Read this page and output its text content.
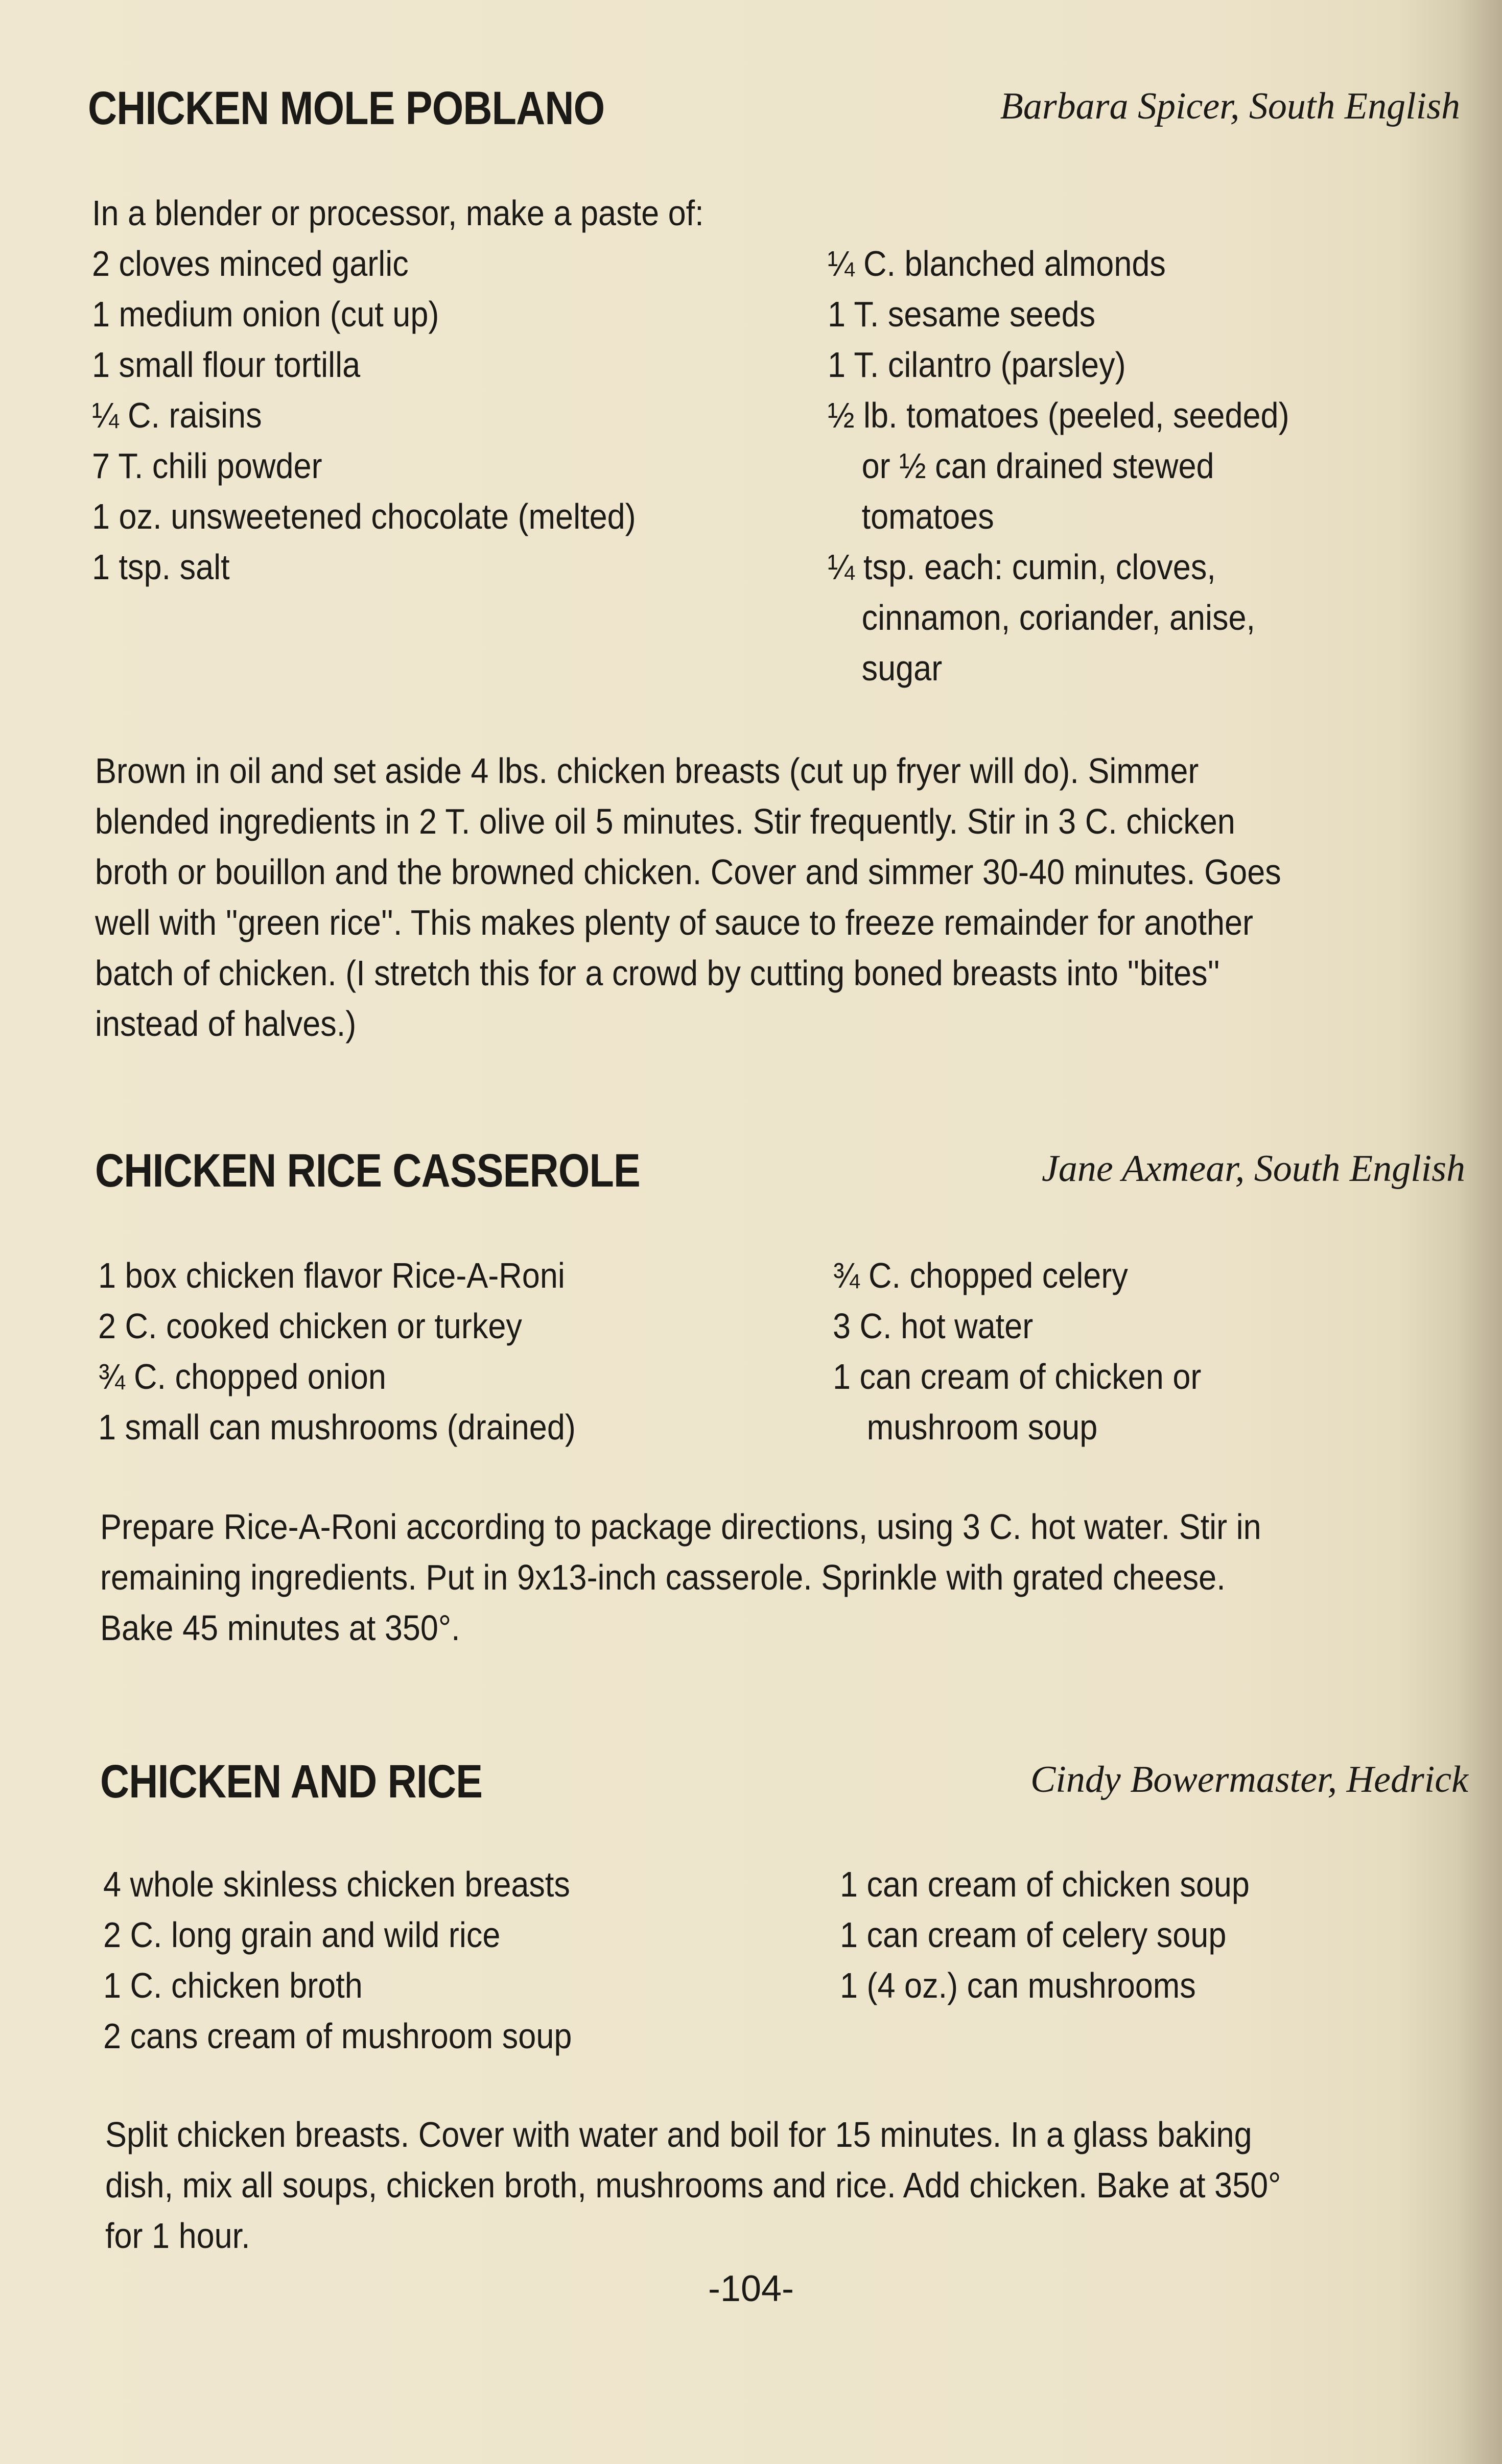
CHICKEN MOLE POBLANO	Barbara Spicer, South English
In a blender or processor, make a paste of:
2 cloves minced garlic
1 medium onion (cut up)
1 small flour tortilla
¼ C. raisins
7 T. chili powder
1 oz. unsweetened chocolate (melted)
1 tsp. salt
¼ C. blanched almonds
1 T. sesame seeds
1 T. cilantro (parsley)
½ lb. tomatoes (peeled, seeded)
or ½ can drained stewed
tomatoes
¼ tsp. each: cumin, cloves,
cinnamon, coriander, anise,
sugar
Brown in oil and set aside 4 lbs. chicken breasts (cut up fryer will do). Simmer
blended ingredients in 2 T. olive oil 5 minutes. Stir frequently. Stir in 3 C. chicken
broth or bouillon and the browned chicken. Cover and simmer 30-40 minutes. Goes
well with ''green rice''. This makes plenty of sauce to freeze remainder for another
batch of chicken. (I stretch this for a crowd by cutting boned breasts into ''bites''
instead of halves.)
CHICKEN RICE CASSEROLE	Jane Axmear, South English
1 box chicken flavor Rice-A-Roni
2 C. cooked chicken or turkey
¾ C. chopped onion
1 small can mushrooms (drained)
¾ C. chopped celery
3 C. hot water
1 can cream of chicken or
mushroom soup
Prepare Rice-A-Roni according to package directions, using 3 C. hot water. Stir in
remaining ingredients. Put in 9x13-inch casserole. Sprinkle with grated cheese.
Bake 45 minutes at 350°.
CHICKEN AND RICE	Cindy Bowermaster, Hedrick
4 whole skinless chicken breasts
2 C. long grain and wild rice
1 C. chicken broth
2 cans cream of mushroom soup
1 can cream of chicken soup
1 can cream of celery soup
1 (4 oz.) can mushrooms
Split chicken breasts. Cover with water and boil for 15 minutes. In a glass baking
dish, mix all soups, chicken broth, mushrooms and rice. Add chicken. Bake at 350°
for 1 hour.
-104-
